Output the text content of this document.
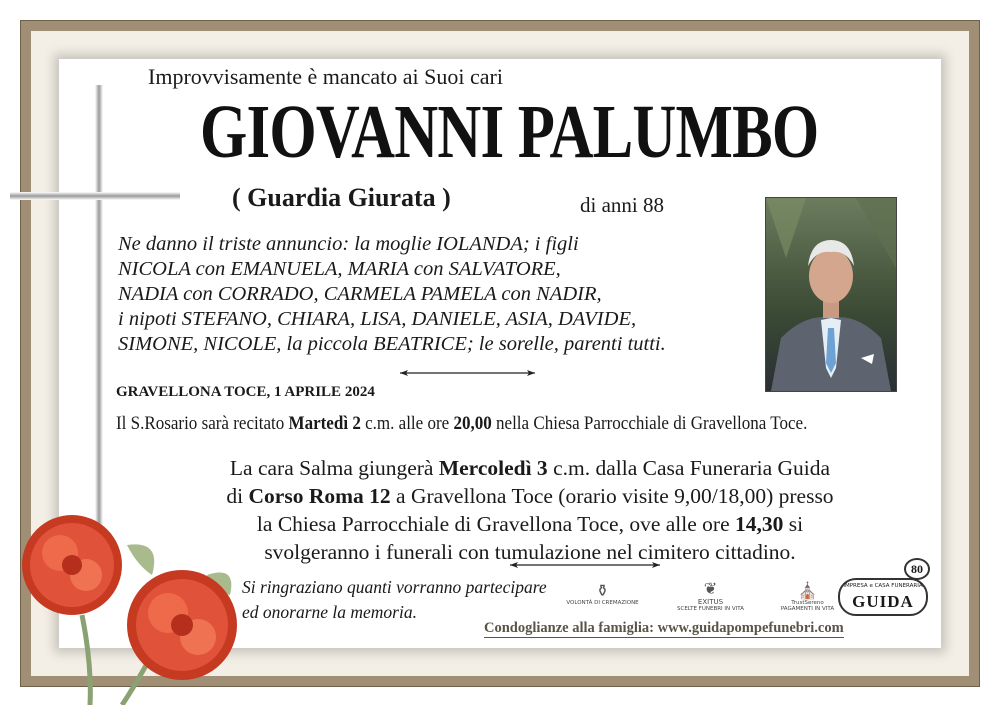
Improvvisamente è mancato ai Suoi cari
GIOVANNI PALUMBO
( Guardia Giurata )	di anni 88
Ne danno il triste annuncio: la moglie IOLANDA; i figli
NICOLA con EMANUELA, MARIA con SALVATORE,
NADIA con CORRADO, CARMELA PAMELA con NADIR,
i nipoti STEFANO, CHIARA, LISA, DANIELE, ASIA, DAVIDE,
SIMONE, NICOLE, la piccola BEATRICE; le sorelle, parenti tutti.
GRAVELLONA TOCE, 1 APRILE 2024
Il S.Rosario sarà recitato Martedì 2 c.m. alle ore 20,00 nella Chiesa Parrocchiale di Gravellona Toce.
La cara Salma giungerà Mercoledì 3 c.m. dalla Casa Funeraria Guida
di Corso Roma 12 a Gravellona Toce (orario visite 9,00/18,00) presso
la Chiesa Parrocchiale di Gravellona Toce, ove alle ore 14,30 si
svolgeranno i funerali con tumulazione nel cimitero cittadino.
Si ringraziano quanti vorranno partecipare
ed onorarne la memoria.
⚱
VOLONTÀ DI CREMAZIONE
❦
EXITUS
SCELTE FUNEBRI IN VITA
⛪
TrustSereno
PAGAMENTI IN VITA
80
IMPRESA e CASA FUNERARIA
GUIDA
Condoglianze alla famiglia: www.guidapompefunebri.com
